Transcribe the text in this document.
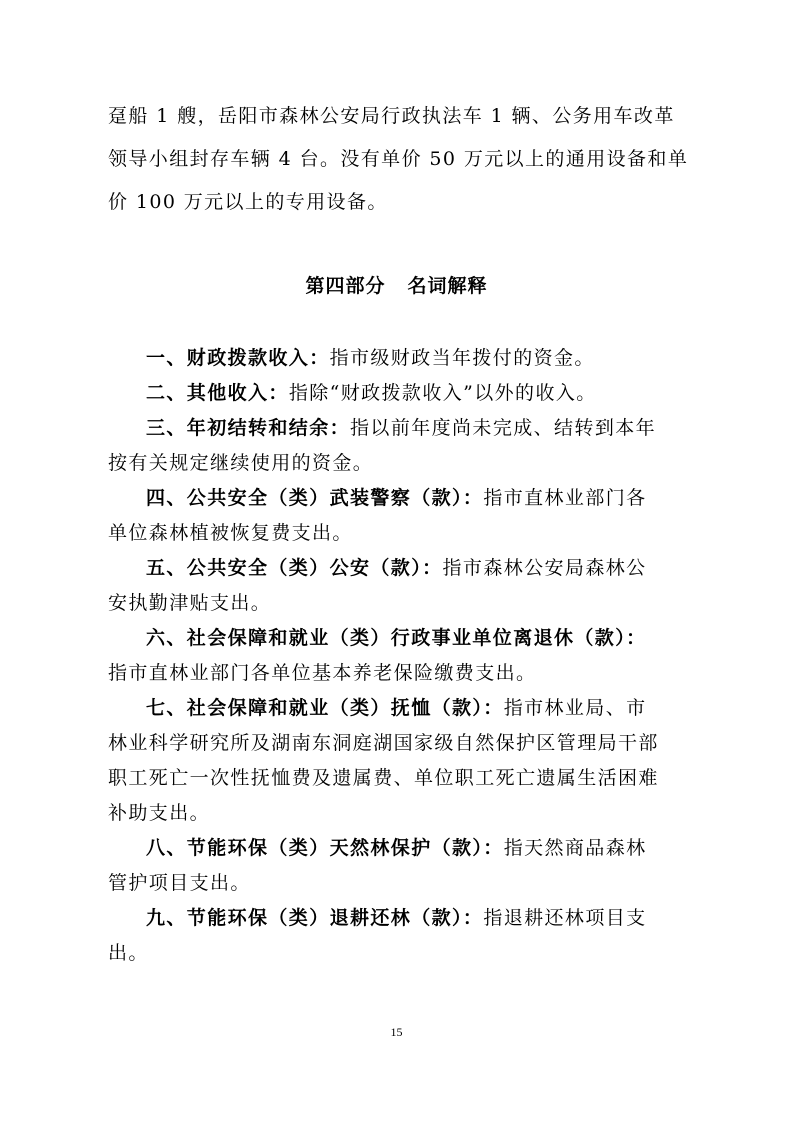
趸船 1 艘，岳阳市森林公安局行政执法车 1 辆、公务用车改革
领导小组封存车辆 4 台。没有单价 50 万元以上的通用设备和单
价 100 万元以上的专用设备。
第四部分 名词解释
一、财政拨款收入：指市级财政当年拨付的资金。
二、其他收入：指除“财政拨款收入”以外的收入。
三、年初结转和结余：指以前年度尚未完成、结转到本年
按有关规定继续使用的资金。
四、公共安全（类）武装警察（款）：指市直林业部门各
单位森林植被恢复费支出。
五、公共安全（类）公安（款）：指市森林公安局森林公
安执勤津贴支出。
六、社会保障和就业（类）行政事业单位离退休（款）：
指市直林业部门各单位基本养老保险缴费支出。
七、社会保障和就业（类）抚恤（款）：指市林业局、市
林业科学研究所及湖南东洞庭湖国家级自然保护区管理局干部
职工死亡一次性抚恤费及遗属费、单位职工死亡遗属生活困难
补助支出。
八、节能环保（类）天然林保护（款）：指天然商品森林
管护项目支出。
九、节能环保（类）退耕还林（款）：指退耕还林项目支
出。
15
